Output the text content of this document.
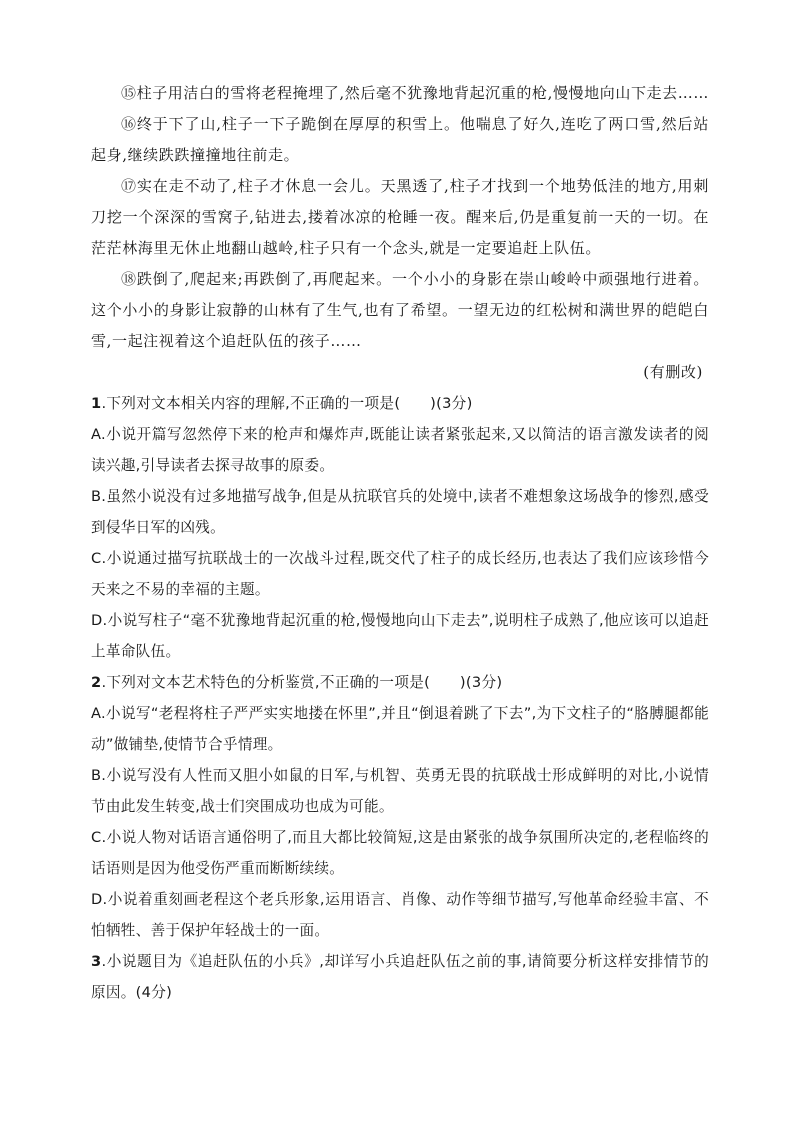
⑮柱子用洁白的雪将老程掩埋了,然后毫不犹豫地背起沉重的枪,慢慢地向山下走去……

⑯终于下了山,柱子一下子跪倒在厚厚的积雪上。他喘息了好久,连吃了两口雪,然后站起身,继续跌跌撞撞地往前走。

⑰实在走不动了,柱子才休息一会儿。天黑透了,柱子才找到一个地势低洼的地方,用刺刀挖一个深深的雪窝子,钻进去,搂着冰凉的枪睡一夜。醒来后,仍是重复前一天的一切。在茫茫林海里无休止地翻山越岭,柱子只有一个念头,就是一定要追赶上队伍。

⑱跌倒了,爬起来;再跌倒了,再爬起来。一个小小的身影在崇山峻岭中顽强地行进着。这个小小的身影让寂静的山林有了生气,也有了希望。一望无边的红松树和满世界的皑皑白雪,一起注视着这个追赶队伍的孩子……

(有删改)

1.下列对文本相关内容的理解,不正确的一项是(　　)(3分)

A.小说开篇写忽然停下来的枪声和爆炸声,既能让读者紧张起来,又以简洁的语言激发读者的阅读兴趣,引导读者去探寻故事的原委。

B.虽然小说没有过多地描写战争,但是从抗联官兵的处境中,读者不难想象这场战争的惨烈,感受到侵华日军的凶残。

C.小说通过描写抗联战士的一次战斗过程,既交代了柱子的成长经历,也表达了我们应该珍惜今天来之不易的幸福的主题。

D.小说写柱子“毫不犹豫地背起沉重的枪,慢慢地向山下走去”,说明柱子成熟了,他应该可以追赶上革命队伍。

2.下列对文本艺术特色的分析鉴赏,不正确的一项是(　　)(3分)

A.小说写“老程将柱子严严实实地搂在怀里”,并且“倒退着跳了下去”,为下文柱子的“胳膊腿都能动”做铺垫,使情节合乎情理。

B.小说写没有人性而又胆小如鼠的日军,与机智、英勇无畏的抗联战士形成鲜明的对比,小说情节由此发生转变,战士们突围成功也成为可能。

C.小说人物对话语言通俗明了,而且大都比较简短,这是由紧张的战争氛围所决定的,老程临终的话语则是因为他受伤严重而断断续续。

D.小说着重刻画老程这个老兵形象,运用语言、肖像、动作等细节描写,写他革命经验丰富、不怕牺牲、善于保护年轻战士的一面。

3.小说题目为《追赶队伍的小兵》,却详写小兵追赶队伍之前的事,请简要分析这样安排情节的原因。(4分)
